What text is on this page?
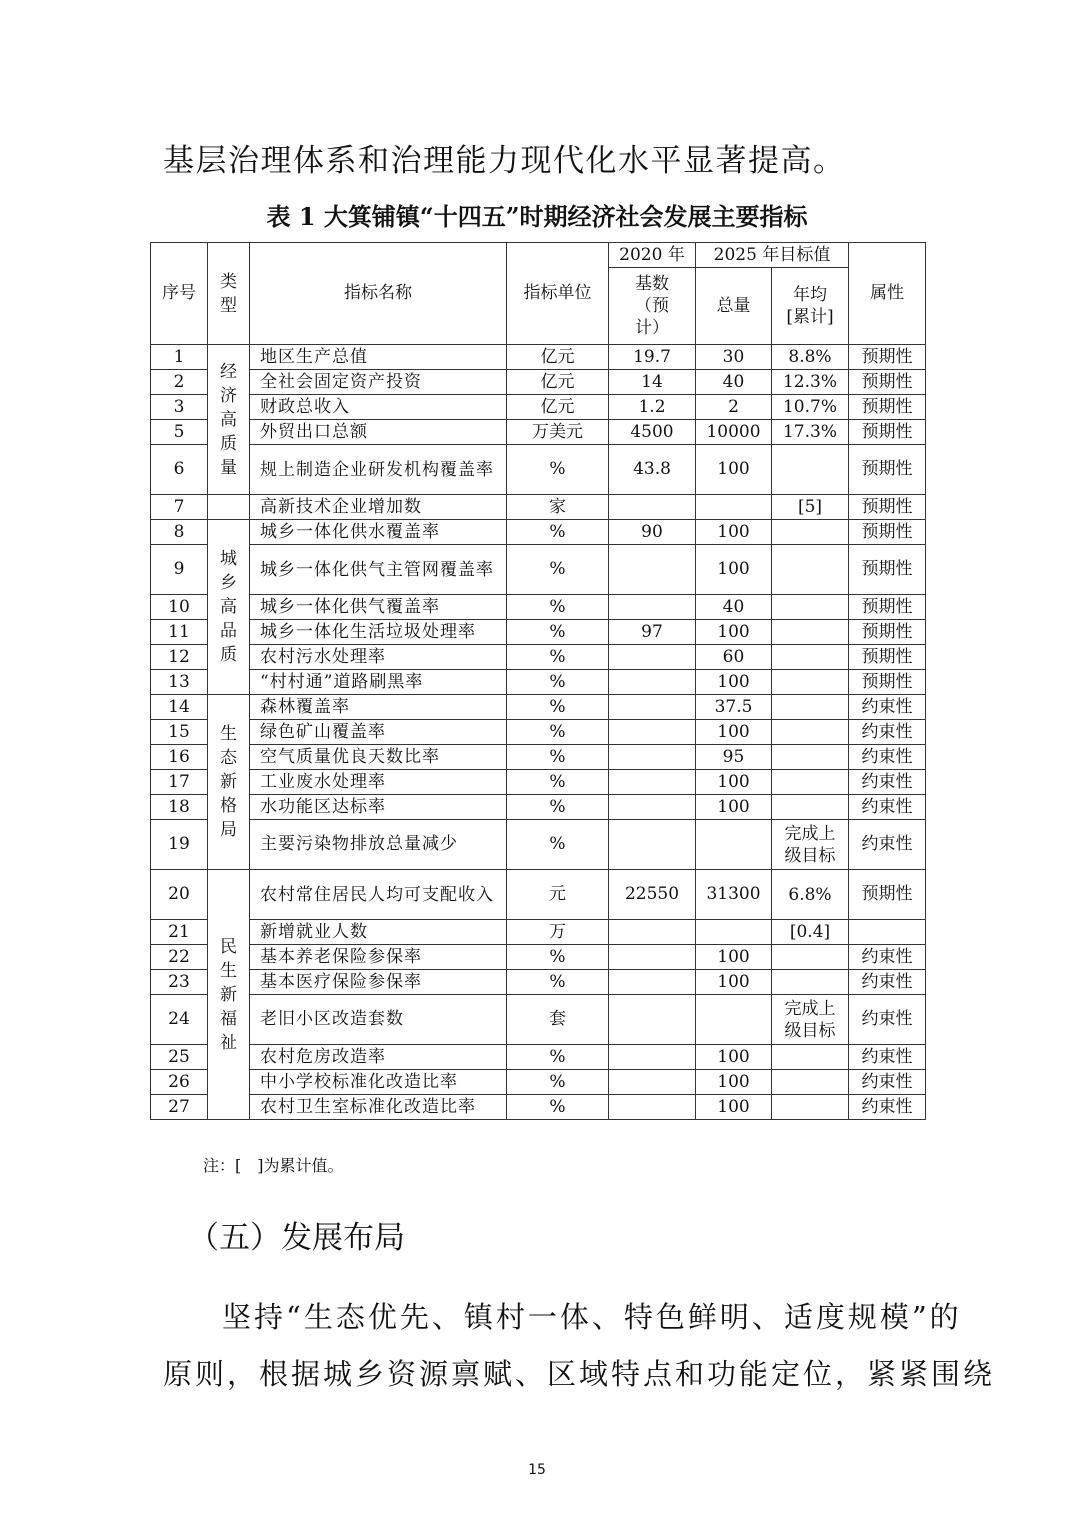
基层治理体系和治理能力现代化水平显著提高。
表 1 大箕铺镇“十四五”时期经济社会发展主要指标
序号	类型	指标名称	指标单位	2020 年	2025 年目标值		属性

				基数（预计）	总量	年均[累计]	

1	经济高质量	地区生产总值	亿元	19.7	30	8.8%	预期性
2		全社会固定资产投资	亿元	14	40	12.3%	预期性
3		财政总收入	亿元	1.2	2	10.7%	预期性
5		外贸出口总额	万美元	4500	10000	17.3%	预期性
6		规上制造企业研发机构覆盖率	%	43.8	100		预期性
7		高新技术企业增加数	家			[5]	预期性
8	城乡高品质	城乡一体化供水覆盖率	%	90	100		预期性
9		城乡一体化供气主管网覆盖率	%		100		预期性
10		城乡一体化供气覆盖率	%		40		预期性
11		城乡一体化生活垃圾处理率	%	97	100		预期性
12		农村污水处理率	%		60		预期性
13		“村村通”道路刷黑率	%		100		预期性
14	生态新格局	森林覆盖率	%		37.5		约束性
15		绿色矿山覆盖率	%		100		约束性
16		空气质量优良天数比率	%		95		约束性
17		工业废水处理率	%		100		约束性
18		水功能区达标率	%		100		约束性
19		主要污染物排放总量减少	%			完成上级目标	约束性
20	民生新福祉	农村常住居民人均可支配收入	元	22550	31300	6.8%	预期性
21		新增就业人数	万			[0.4]	
22		基本养老保险参保率	%		100		约束性
23		基本医疗保险参保率	%		100		约束性
24		老旧小区改造套数	套			完成上级目标	约束性
25		农村危房改造率	%		100		约束性
26		中小学校标准化改造比率	%		100		约束性
27		农村卫生室标准化改造比率	%		100		约束性
注：[　]为累计值。
（五）发展布局
坚持“生态优先、镇村一体、特色鲜明、适度规模”的
原则，根据城乡资源禀赋、区域特点和功能定位，紧紧围绕
15
